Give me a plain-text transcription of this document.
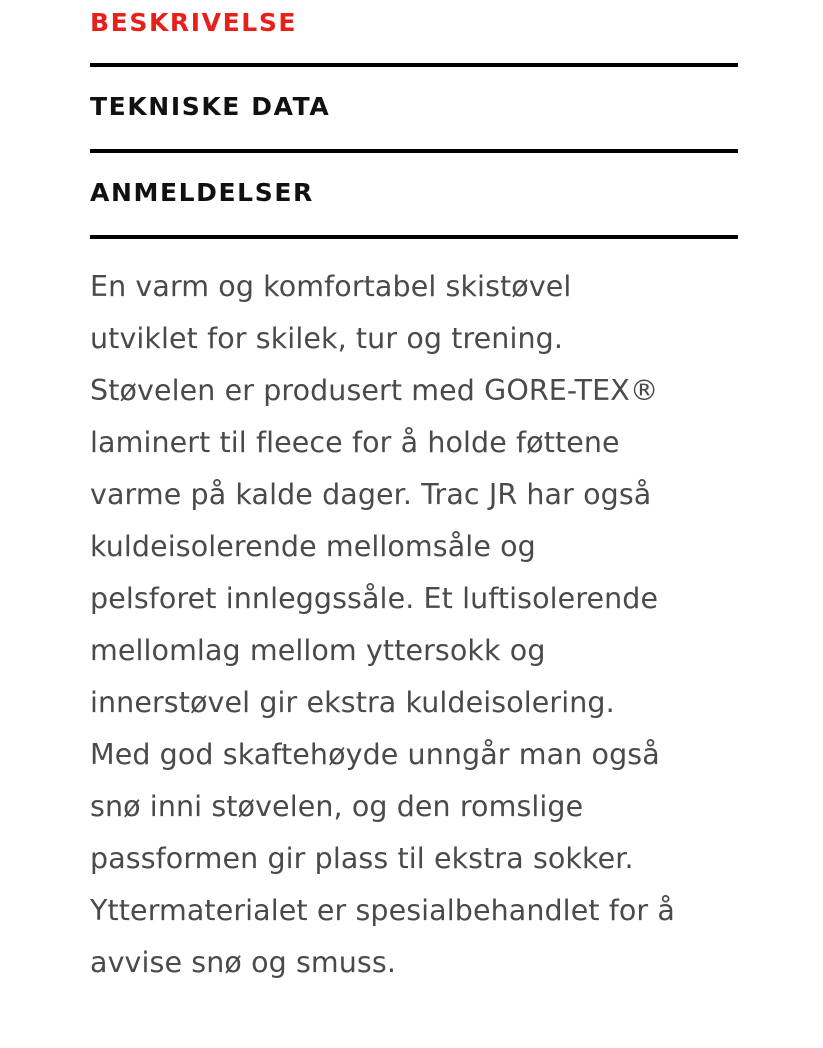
BESKRIVELSE
TEKNISKE DATA
ANMELDELSER

En varm og komfortabel skistøvel
utviklet for skilek, tur og trening.
Støvelen er produsert med GORE-TEX®
laminert til fleece for å holde føttene
varme på kalde dager. Trac JR har også
kuldeisolerende mellomsåle og
pelsforet innleggssåle. Et luftisolerende
mellomlag mellom yttersokk og
innerstøvel gir ekstra kuldeisolering.
Med god skaftehøyde unngår man også
snø inni støvelen, og den romslige
passformen gir plass til ekstra sokker.
Yttermaterialet er spesialbehandlet for å
avvise snø og smuss.
